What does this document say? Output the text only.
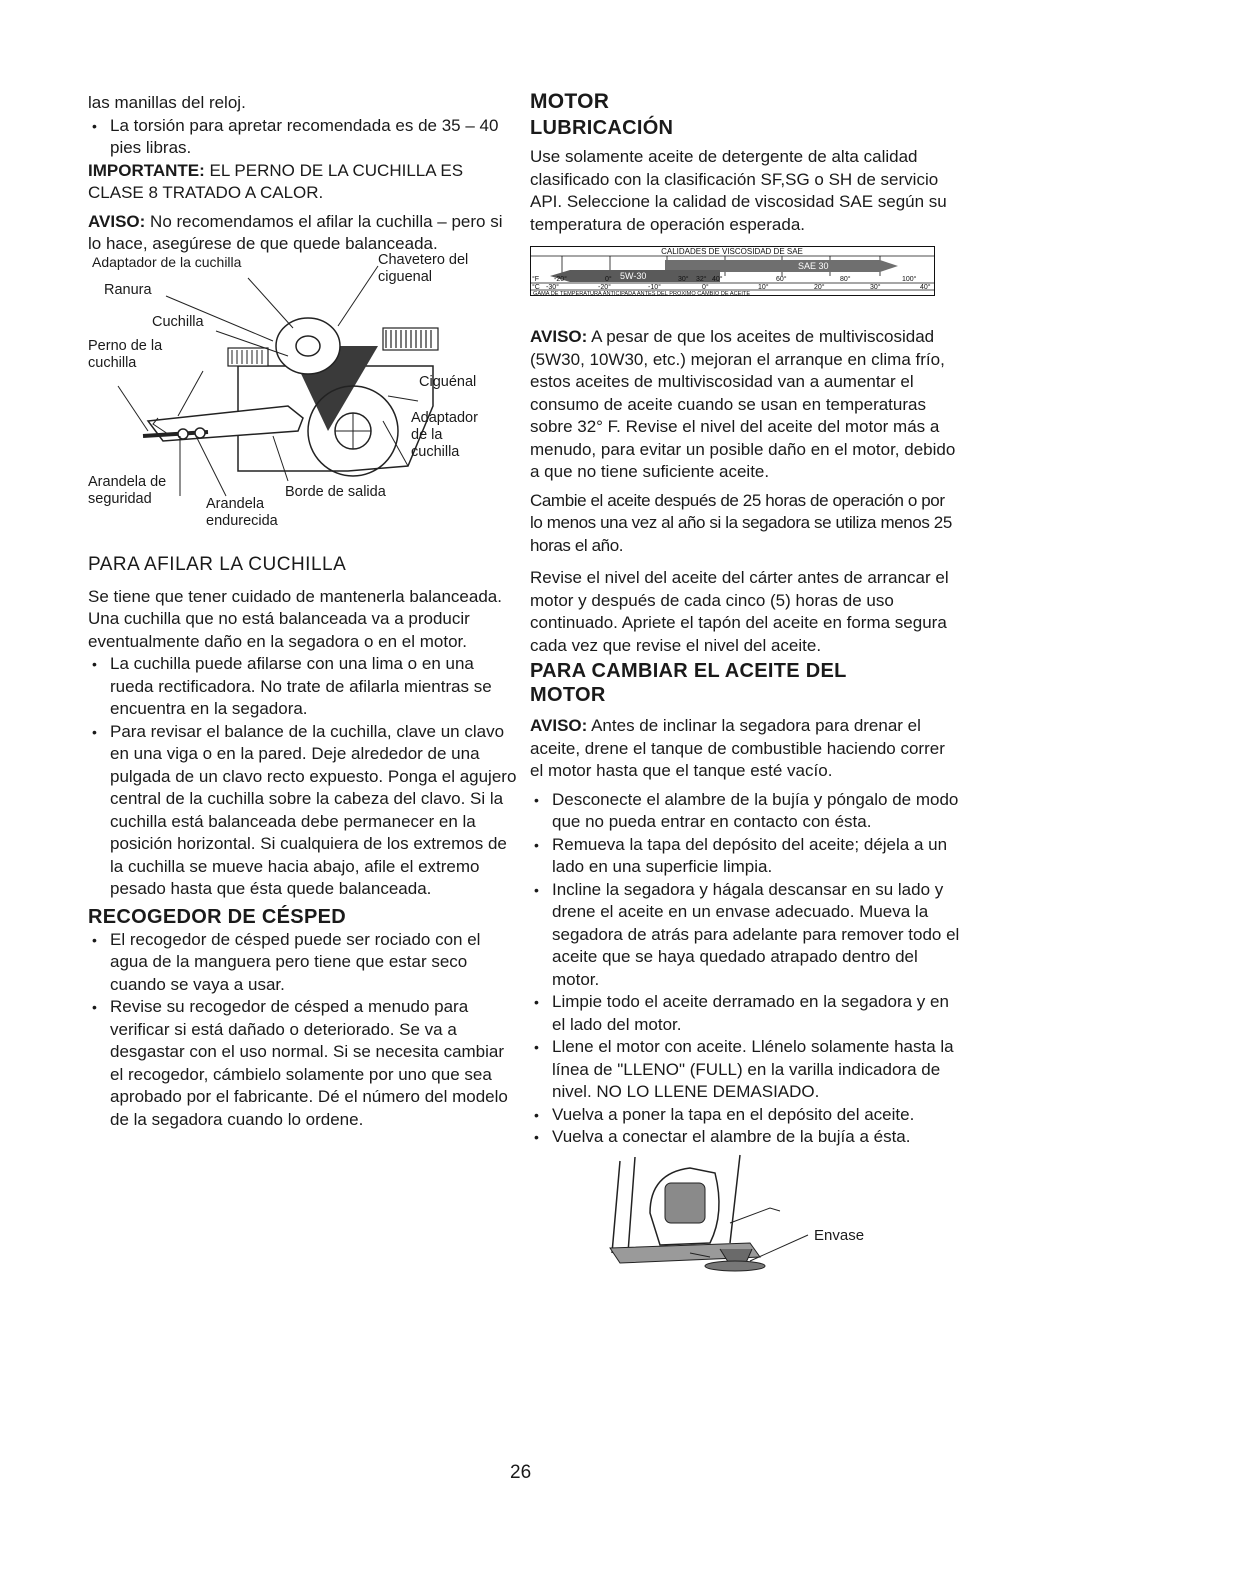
las manillas del reloj.

• La torsión para apretar recomendada es de 35 – 40 pies libras.

IMPORTANTE: EL PERNO DE LA CUCHILLA ES CLASE 8 TRATADO A CALOR.

AVISO: No recomendamos el afilar la cuchilla – pero si lo hace, asegúrese de que quede balanceada.

Adaptador de la cuchilla	Chavetero del ciguenal
Ranura
Cuchilla
Perno de la cuchilla
Ciguénal
Adaptador de la cuchilla
Arandela de seguridad	Borde de salida
Arandela endurecida

PARA AFILAR LA CUCHILLA

Se tiene que tener cuidado de mantenerla balanceada. Una cuchilla que no está balanceada va a producir eventualmente daño en la segadora o en el motor.

• La cuchilla puede afilarse con una lima o en una rueda rectificadora. No trate de afilarla mientras se encuentra en la segadora.
• Para revisar el balance de la cuchilla, clave un clavo en una viga o en la pared. Deje alrededor de una pulgada de un clavo recto expuesto. Ponga el agujero central de la cuchilla sobre la cabeza del clavo. Si la cuchilla está balanceada debe permanecer en la posición horizontal. Si cualquiera de los extremos de la cuchilla se mueve hacia abajo, afile el extremo pesado hasta que ésta quede balanceada.

RECOGEDOR DE CÉSPED

• El recogedor de césped puede ser rociado con el agua de la manguera pero tiene que estar seco cuando se vaya a usar.
• Revise su recogedor de césped a menudo para verificar si está dañado o deteriorado. Se va a desgastar con el uso normal. Si se necesita cambiar el recogedor, cámbielo solamente por uno que sea aprobado por el fabricante. Dé el número del modelo de la segadora cuando lo ordene.

MOTOR

LUBRICACIÓN

Use solamente aceite de detergente de alta calidad clasificado con la clasificación SF,SG o SH de servicio API. Seleccione la calidad de viscosidad SAE según su temperatura de operación esperada.

CALIDADES DE VISCOSIDAD DE SAE
SAE 30
5W-30
°F -20°	0°	30° 32° 40°	60°	80°	100°
°C -30°	-20°	-10°	0°	10°	20°	30°	40°
GAMA DE TEMPERATURA ANTICIPADA ANTES DEL PROXIMO CAMBIO DE ACEITE

AVISO: A pesar de que los aceites de multiviscosidad (5W30, 10W30, etc.) mejoran el arranque en clima frío, estos aceites de multiviscosidad van a aumentar el consumo de aceite cuando se usan en temperaturas sobre 32° F. Revise el nivel del aceite del motor más a menudo, para evitar un posible daño en el motor, debido a que no tiene suficiente aceite.

Cambie el aceite después de 25 horas de operación o por lo menos una vez al año si la segadora se utiliza menos 25 horas el año.

Revise el nivel del aceite del cárter antes de arrancar el motor y después de cada cinco (5) horas de uso continuado. Apriete el tapón del aceite en forma segura cada vez que revise el nivel del aceite.

PARA CAMBIAR EL ACEITE DEL MOTOR

AVISO: Antes de inclinar la segadora para drenar el aceite, drene el tanque de combustible haciendo correr el motor hasta que el tanque esté vacío.

• Desconecte el alambre de la bujía y póngalo de modo que no pueda entrar en contacto con ésta.
• Remueva la tapa del depósito del aceite; déjela a un lado en una superficie limpia.
• Incline la segadora y hágala descansar en su lado y drene el aceite en un envase adecuado. Mueva la segadora de atrás para adelante para remover todo el aceite que se haya quedado atrapado dentro del motor.
• Limpie todo el aceite derramado en la segadora y en el lado del motor.
• Llene el motor con aceite. Llénelo solamente hasta la línea de "LLENO" (FULL) en la varilla indicadora de nivel. NO LO LLENE DEMASIADO.
• Vuelva a poner la tapa en el depósito del aceite.
• Vuelva a conectar el alambre de la bujía a ésta.
Envase
26
